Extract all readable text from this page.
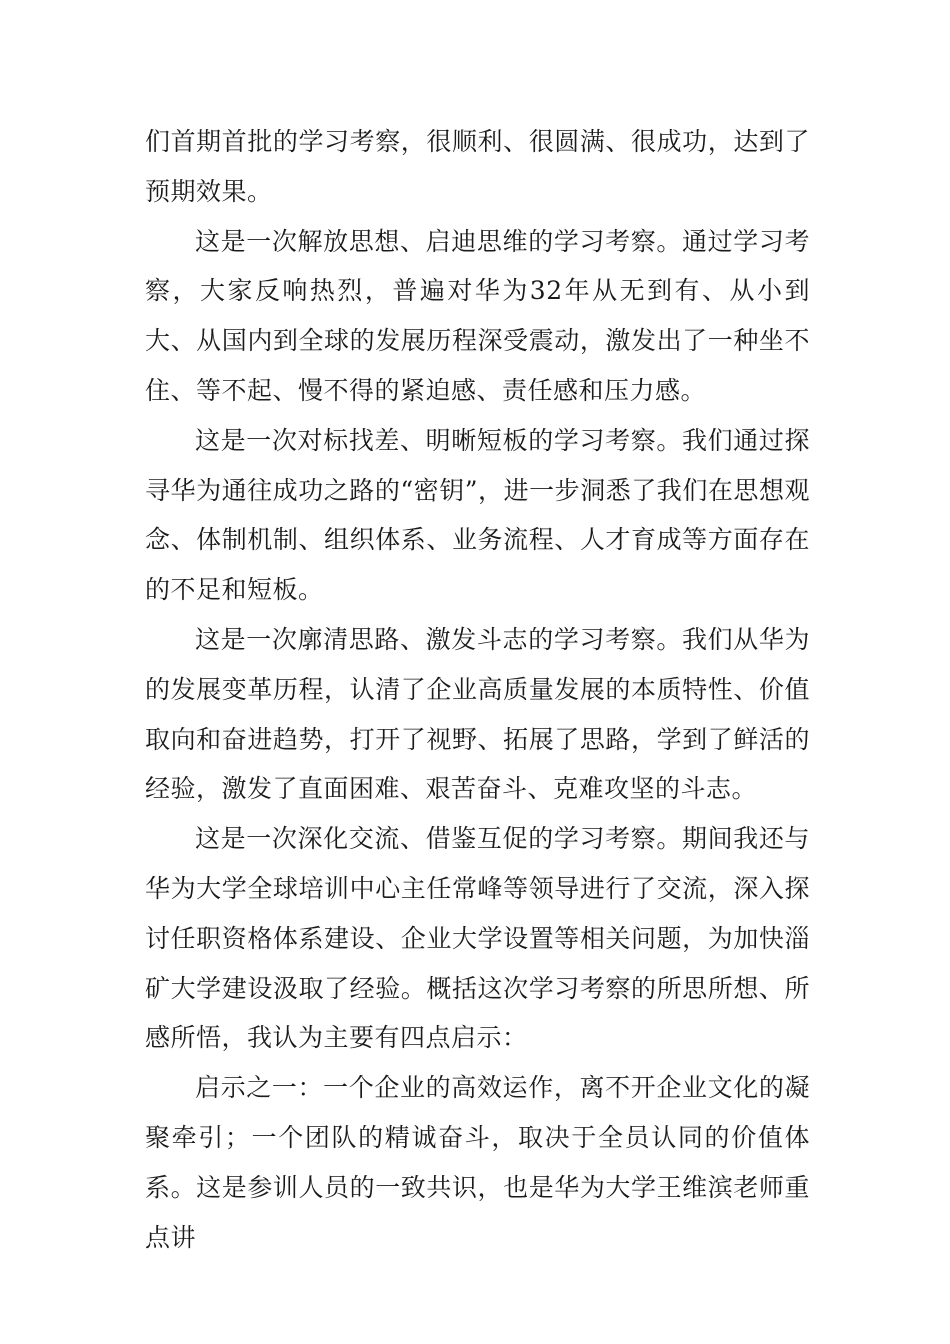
们首期首批的学习考察，很顺利、很圆满、很成功，达到了预期效果。

这是一次解放思想、启迪思维的学习考察。通过学习考察，大家反响热烈，普遍对华为32年从无到有、从小到大、从国内到全球的发展历程深受震动，激发出了一种坐不住、等不起、慢不得的紧迫感、责任感和压力感。

这是一次对标找差、明晰短板的学习考察。我们通过探寻华为通往成功之路的“密钥”，进一步洞悉了我们在思想观念、体制机制、组织体系、业务流程、人才育成等方面存在的不足和短板。

这是一次廓清思路、激发斗志的学习考察。我们从华为的发展变革历程，认清了企业高质量发展的本质特性、价值取向和奋进趋势，打开了视野、拓展了思路，学到了鲜活的经验，激发了直面困难、艰苦奋斗、克难攻坚的斗志。

这是一次深化交流、借鉴互促的学习考察。期间我还与华为大学全球培训中心主任常峰等领导进行了交流，深入探讨任职资格体系建设、企业大学设置等相关问题，为加快淄矿大学建设汲取了经验。概括这次学习考察的所思所想、所感所悟，我认为主要有四点启示：

启示之一：一个企业的高效运作，离不开企业文化的凝聚牵引；一个团队的精诚奋斗，取决于全员认同的价值体系。这是参训人员的一致共识，也是华为大学王维滨老师重点讲
